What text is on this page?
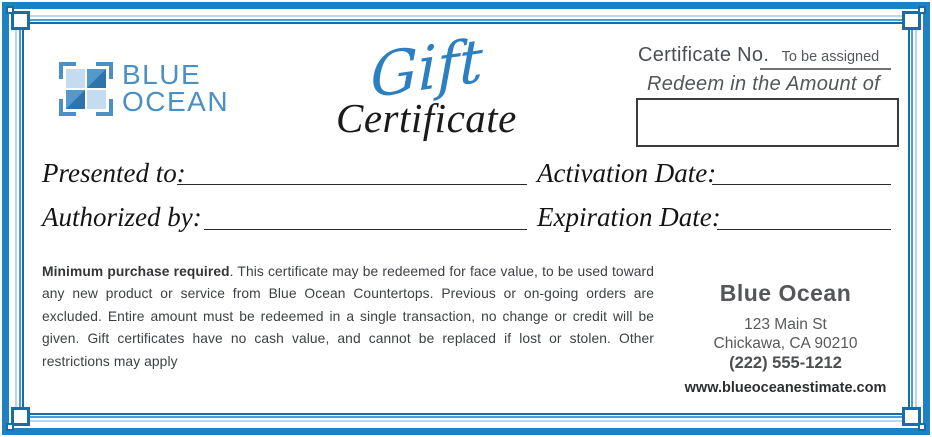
BLUE
OCEAN Gift
Certificate
Certificate No. To be assigned
Redeem in the Amount of
Presented to:	Activation Date:
Authorized by:	Expiration Date:
Minimum purchase required. This certificate may be redeemed for face value, to be used toward any new product or service from Blue Ocean Countertops. Previous or on-going orders are excluded. Entire amount must be redeemed in a single transaction, no change or credit will be given. Gift certificates have no cash value, and cannot be replaced if lost or stolen. Other restrictions may apply
Blue Ocean
123 Main St
Chickawa, CA 90210
(222) 555-1212
www.blueoceanestimate.com
